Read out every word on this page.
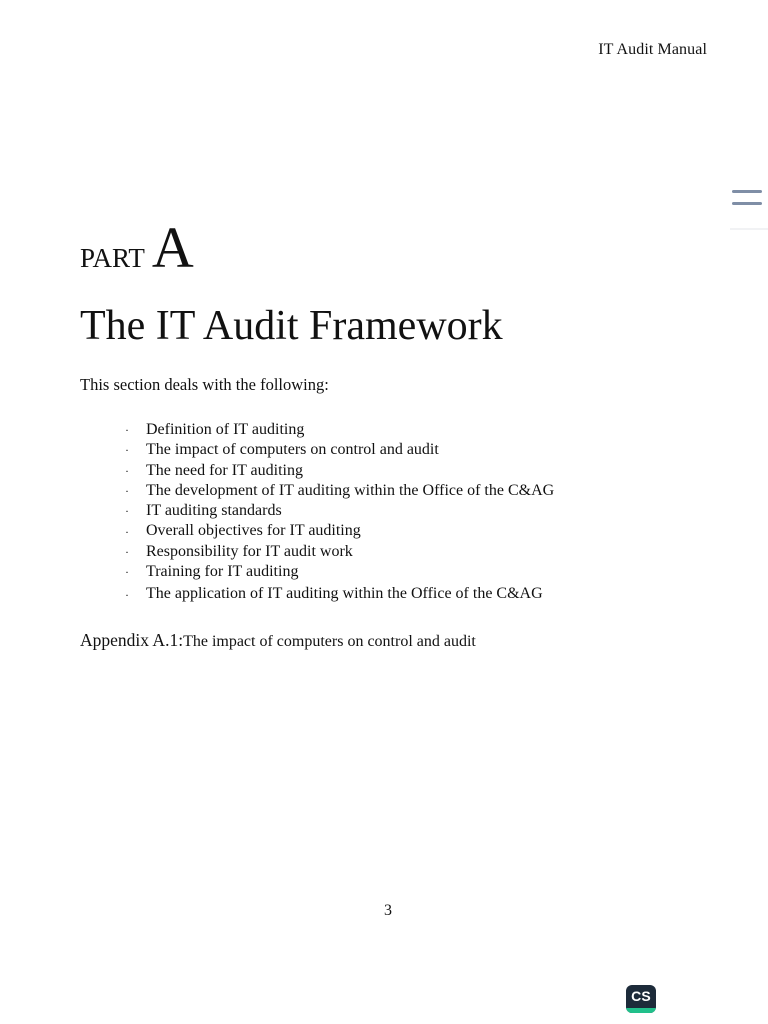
IT Audit Manual
PART A
The IT Audit Framework

This section deals with the following:

· Definition of IT auditing
· The impact of computers on control and audit
· The need for IT auditing
· The development of IT auditing within the Office of the C&AG
· IT auditing standards
· Overall objectives for IT auditing
· Responsibility for IT audit work
· Training for IT auditing
· The application of IT auditing within the Office of the C&AG

Appendix A.1:The impact of computers on control and audit

3
CS
